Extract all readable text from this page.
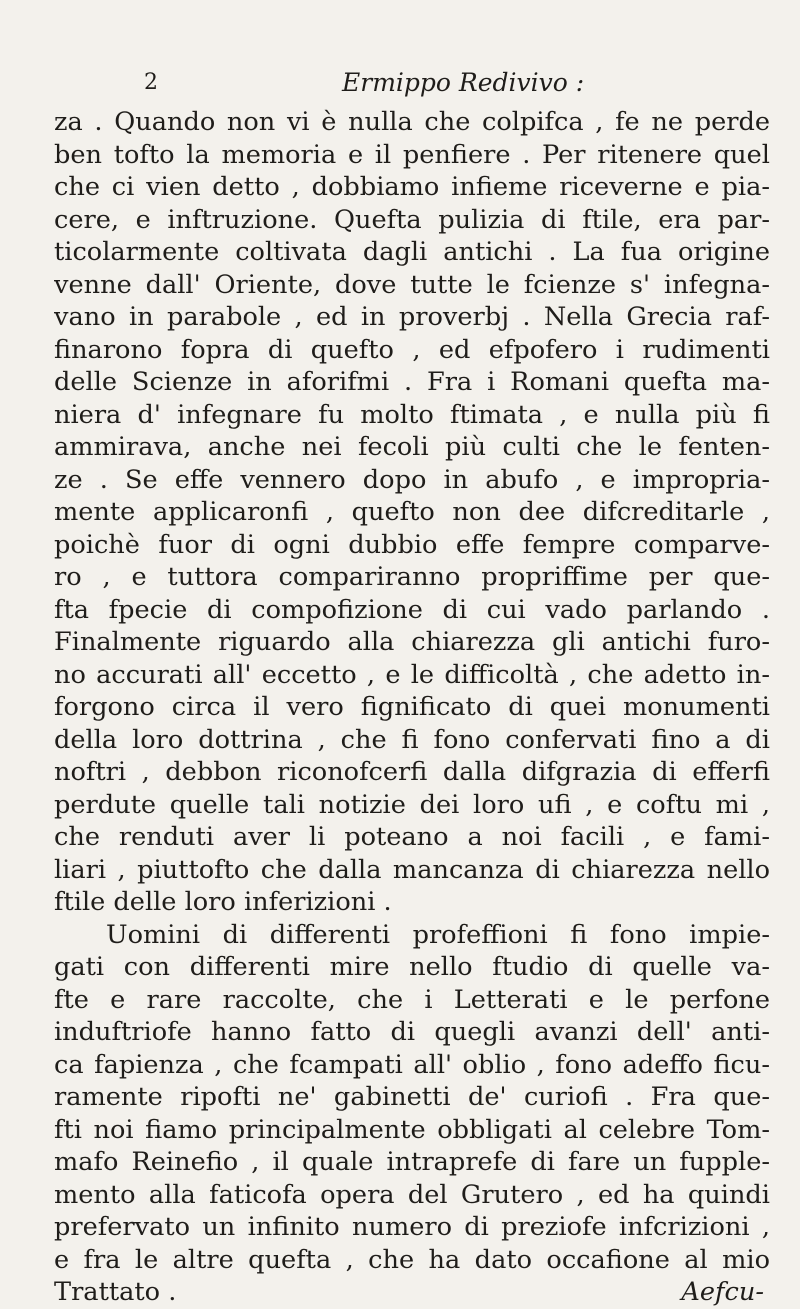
2	Ermippo Redivivo :
za . Quando non vi è nulla che colpifca , fe ne perde
ben tofto la memoria e il penfiere . Per ritenere quel
che ci vien detto , dobbiamo infieme riceverne e pia-
cere, e inftruzione. Quefta pulizia di ftile, era par-
ticolarmente coltivata dagli antichi . La fua origine
venne dall' Oriente, dove tutte le fcienze s' infegna-
vano in parabole , ed in proverbj . Nella Grecia raf-
finarono fopra di quefto , ed efpofero i rudimenti
delle Scienze in aforifmi . Fra i Romani quefta ma-
niera d' infegnare fu molto ftimata , e nulla più fi
ammirava, anche nei fecoli più culti che le fenten-
ze . Se effe vennero dopo in abufo , e impropria-
mente applicaronfi , quefto non dee difcreditarle ,
poichè fuor di ogni dubbio effe fempre comparve-
ro , e tuttora compariranno propriffime per que-
fta fpecie di compofizione di cui vado parlando .
Finalmente riguardo alla chiarezza gli antichi furo-
no accurati all' eccetto , e le difficoltà , che adetto in-
forgono circa il vero fignificato di quei monumenti
della loro dottrina , che fi fono confervati fino a di
noftri , debbon riconofcerfi dalla difgrazia di efferfi
perdute quelle tali notizie dei loro ufi , e coftu mi ,
che renduti aver li poteano a noi facili , e fami-
liari , piuttofto che dalla mancanza di chiarezza nello
ftile delle loro inferizioni .
Uomini di differenti profeffioni fi fono impie-
gati con differenti mire nello ftudio di quelle va-
fte e rare raccolte, che i Letterati e le perfone
induftriofe hanno fatto di quegli avanzi dell' anti-
ca fapienza , che fcampati all' oblio , fono adeffo ficu-
ramente ripofti ne' gabinetti de' curiofi . Fra que-
fti noi fiamo principalmente obbligati al celebre Tom-
mafo Reinefio , il quale intraprefe di fare un fupple-
mento alla faticofa opera del Grutero , ed ha quindi
prefervato un infinito numero di preziofe infcrizioni ,
e fra le altre quefta , che ha dato occafione al mio
Trattato .	Aefcu-
